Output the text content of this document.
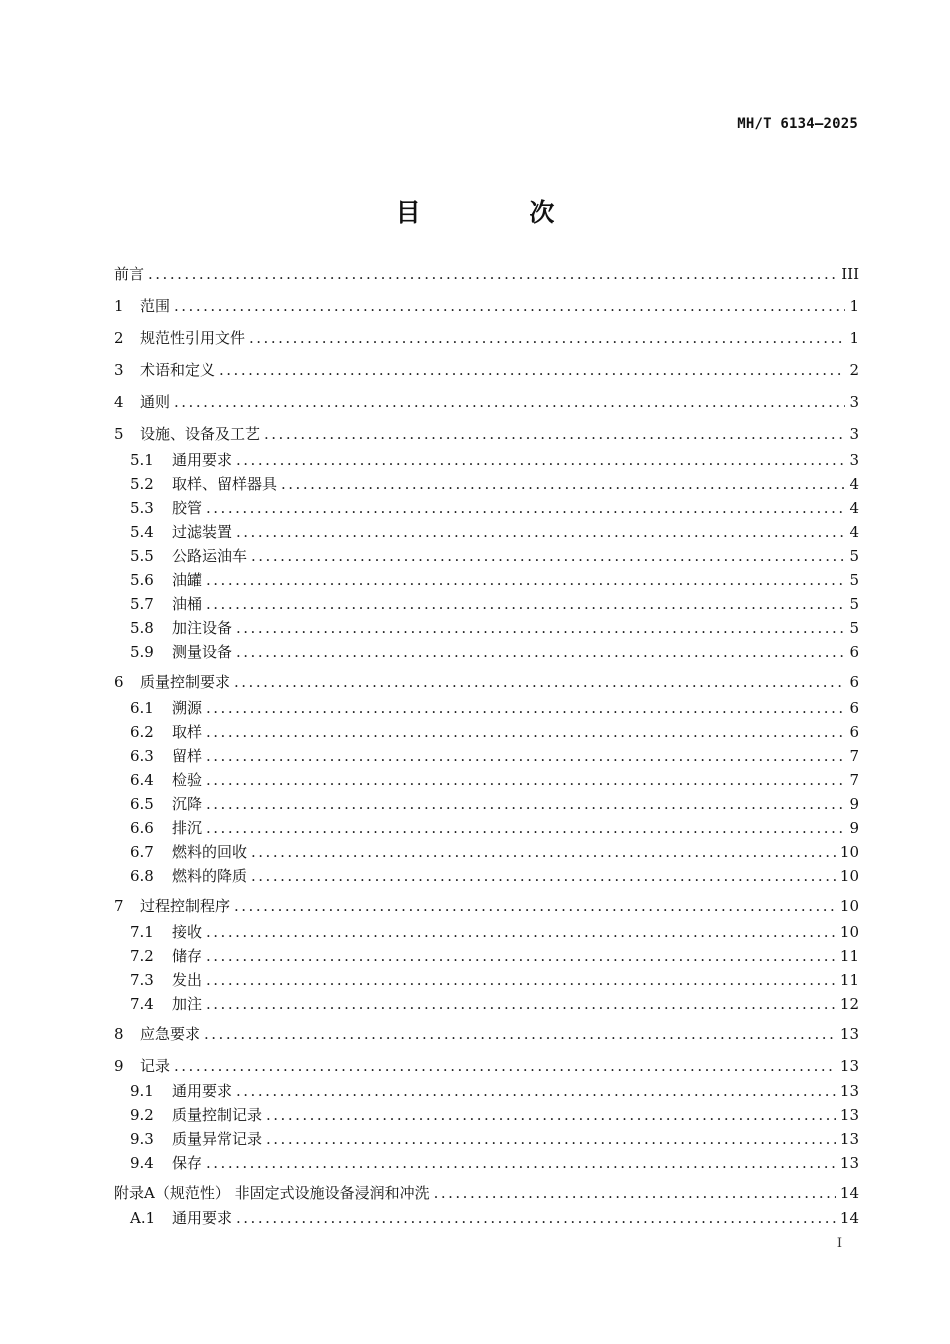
MH/T 6134—2025
目 次
前言 .....	III
1	范围 .....	1
2	规范性引用文件 .....	1
3	术语和定义 .....	2
4	通则 .....	3
5	设施、设备及工艺 .....	3
5.1	通用要求 .....	3
5.2	取样、留样器具 .....	4
5.3	胶管 .....	4
5.4	过滤装置 .....	4
5.5	公路运油车 .....	5
5.6	油罐 .....	5
5.7	油桶 .....	5
5.8	加注设备 .....	5
5.9	测量设备 .....	6
6	质量控制要求 .....	6
6.1	溯源 .....	6
6.2	取样 .....	6
6.3	留样 .....	7
6.4	检验 .....	7
6.5	沉降 .....	9
6.6	排沉 .....	9
6.7	燃料的回收 .....	10
6.8	燃料的降质 .....	10
7	过程控制程序 .....	10
7.1	接收 .....	10
7.2	储存 .....	11
7.3	发出 .....	11
7.4	加注 .....	12
8	应急要求 .....	13
9	记录 .....	13
9.1	通用要求 .....	13
9.2	质量控制记录 .....	13
9.3	质量异常记录 .....	13
9.4	保存 .....	13
附录A（规范性） 非固定式设施设备浸润和冲洗 .....	14
A.1	通用要求 .....	14
I
